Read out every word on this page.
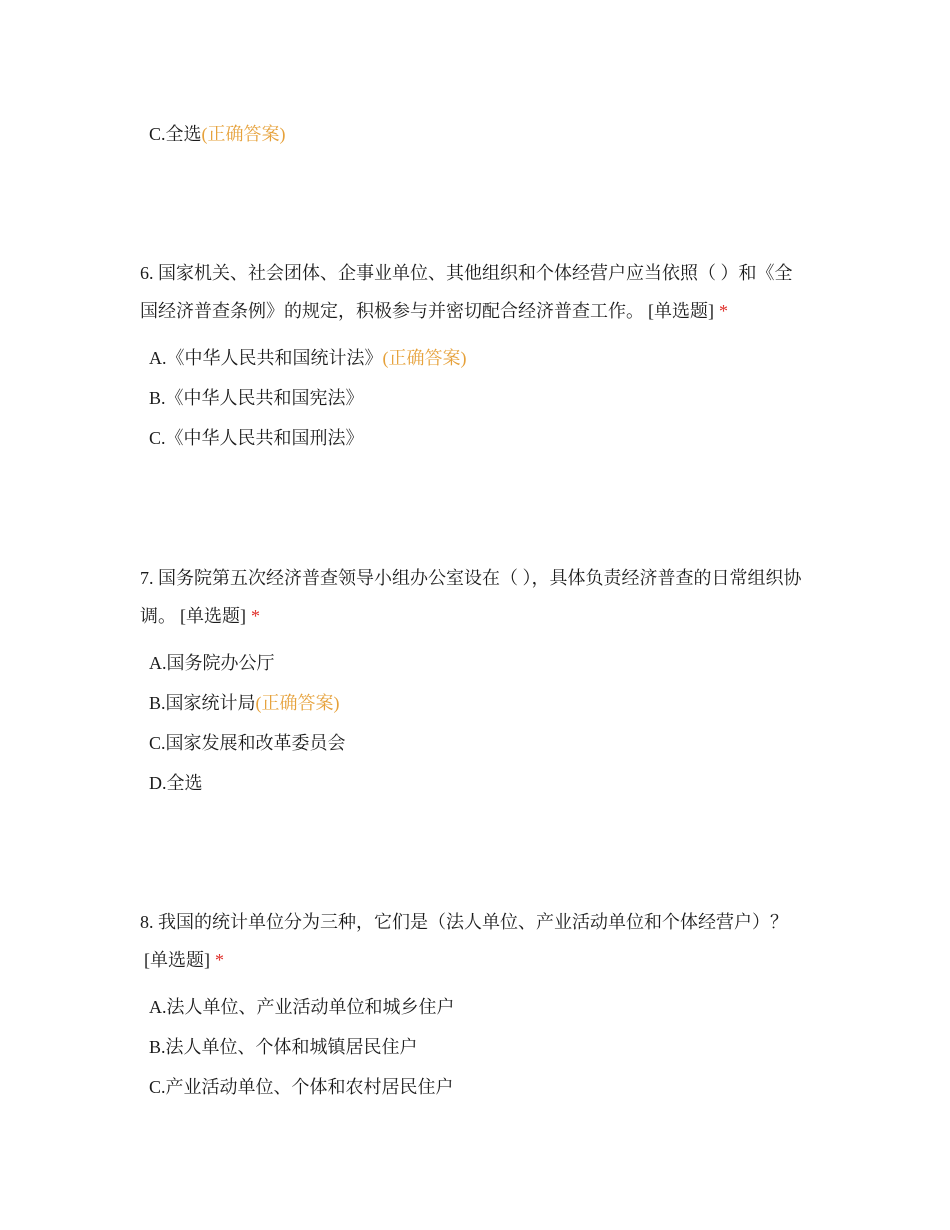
C.全选(正确答案)
6. 国家机关、社会团体、企事业单位、其他组织和个体经营户应当依照（ ）和《全国经济普查条例》的规定，积极参与并密切配合经济普查工作。 [单选题] *
A.《中华人民共和国统计法》(正确答案)
B.《中华人民共和国宪法》
C.《中华人民共和国刑法》
7. 国务院第五次经济普查领导小组办公室设在（ ），具体负责经济普查的日常组织协调。 [单选题] *
A.国务院办公厅
B.国家统计局(正确答案)
C.国家发展和改革委员会
D.全选
8. 我国的统计单位分为三种，它们是（法人单位、产业活动单位和个体经营户）？[单选题] *
A.法人单位、产业活动单位和城乡住户
B.法人单位、个体和城镇居民住户
C.产业活动单位、个体和农村居民住户
